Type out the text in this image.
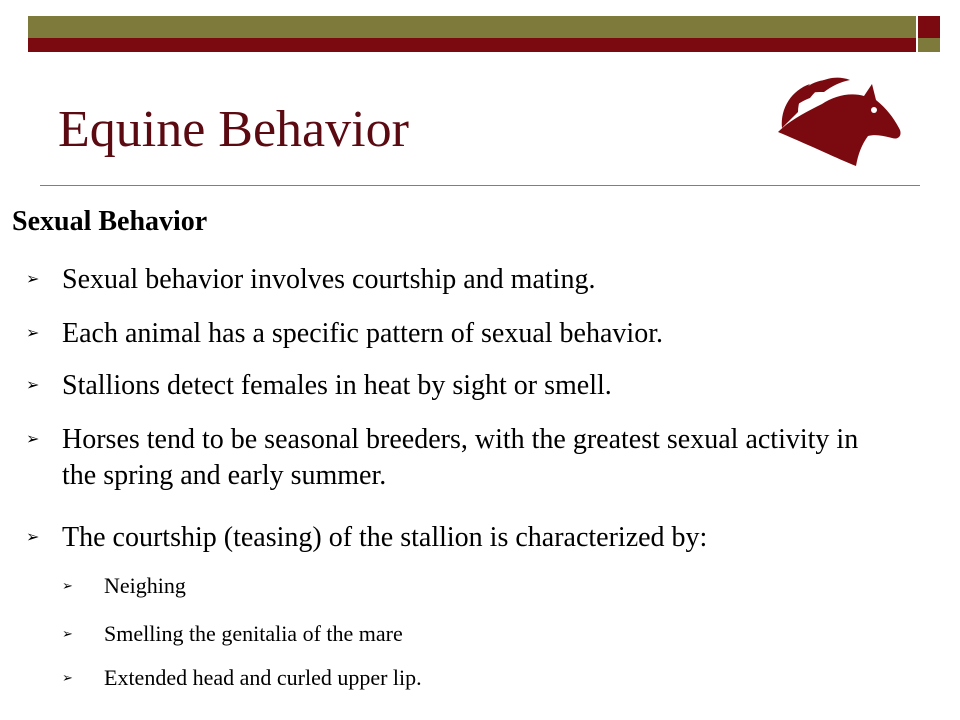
Equine Behavior
Sexual Behavior
➢ Sexual behavior involves courtship and mating.
➢ Each animal has a specific pattern of sexual behavior.
➢ Stallions detect females in heat by sight or smell.
➢ Horses tend to be seasonal breeders, with the greatest sexual activity in the spring and early summer.
➢ The courtship (teasing) of the stallion is characterized by:
➢	Neighing
➢	Smelling the genitalia of the mare
➢	Extended head and curled upper lip.
